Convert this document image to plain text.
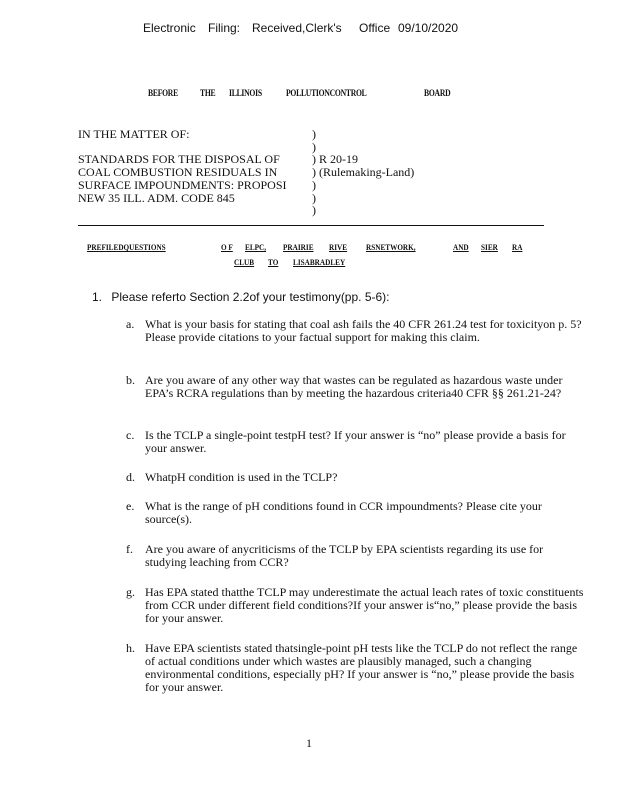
Electronic Filing: Received,Clerk's Office 09/10/2020
BEFORE THE ILLINOIS	POLLUTIONCONTROL	BOARD
IN THE MATTER OF:
STANDARDS FOR THE DISPOSAL OF
COAL COMBUSTION RESIDUALS IN
SURFACE IMPOUNDMENTS: PROPOSI
NEW 35 ILL. ADM. CODE 845
)
)
) R 20-19
) (Rulemaking-Land)
)
)
)
PREFILEDQUESTIONS	O F ELPC, PRAIRIE RIVE RSNETWORK,	AND SIER RA
CLUB TO LISABRADLEY
1. Please referto Section 2.2of your testimony(pp. 5-6):
a. What is your basis for stating that coal ash fails the 40 CFR 261.24 test for toxicityon p. 5? Please provide citations to your factual support for making this claim.
b. Are you aware of any other way that wastes can be regulated as hazardous waste under EPA’s RCRA regulations than by meeting the hazardous criteria40 CFR §§ 261.21-24?
c. Is the TCLP a single-point testpH test? If your answer is “no” please provide a basis for your answer.
d. WhatpH condition is used in the TCLP?
e. What is the range of pH conditions found in CCR impoundments? Please cite your source(s).
f. Are you aware of anycriticisms of the TCLP by EPA scientists regarding its use for studying leaching from CCR?
g. Has EPA stated thatthe TCLP may underestimate the actual leach rates of toxic constituents from CCR under different field conditions?If your answer is“no,” please provide the basis for your answer.
h. Have EPA scientists stated thatsingle-point pH tests like the TCLP do not reflect the range of actual conditions under which wastes are plausibly managed, such a changing environmental conditions, especially pH? If your answer is “no,” please provide the basis for your answer.
1
